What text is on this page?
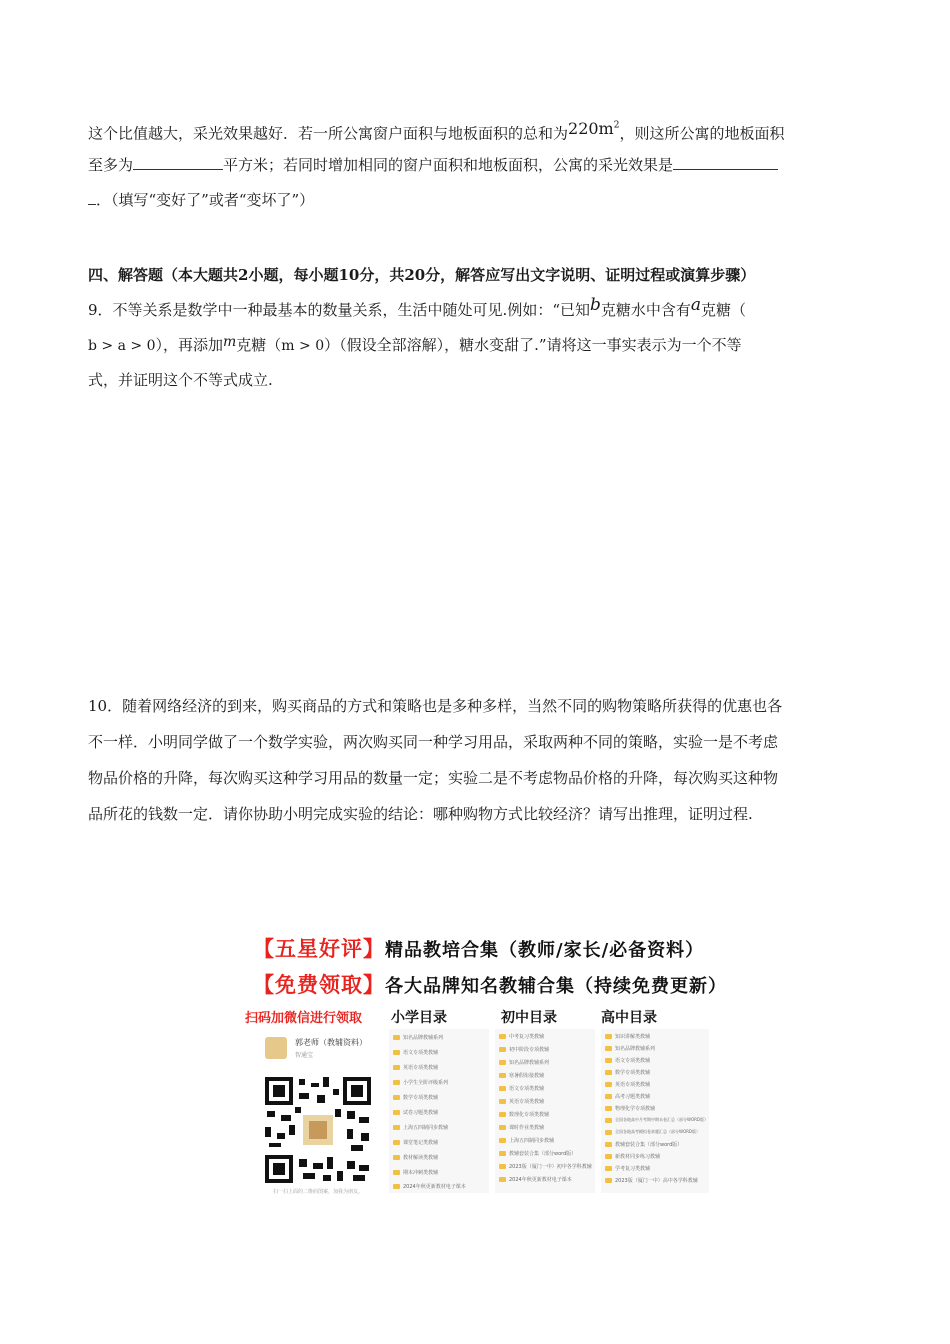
这个比值越大，采光效果越好．若一所公寓窗户面积与地板面积的总和为$220m^2$，则这所公寓的地板面积
至多为	平方米；若同时增加相同的窗户面积和地板面积，公寓的采光效果是
．（填写“变好了”或者“变坏了”）
四、解答题（本大题共2小题，每小题10分，共20分，解答应写出文字说明、证明过程或演算步骤）
9．不等关系是数学中一种最基本的数量关系，生活中随处可见.例如：“已知b克糖水中含有a克糖（
b > a > 0），再添加m克糖（m > 0）（假设全部溶解），糖水变甜了.”请将这一事实表示为一个不等
式，并证明这个不等式成立.
10．随着网络经济的到来，购买商品的方式和策略也是多种多样，当然不同的购物策略所获得的优惠也各
不一样．小明同学做了一个数学实验，两次购买同一种学习用品，采取两种不同的策略，实验一是不考虑
物品价格的升降，每次购买这种学习用品的数量一定；实验二是不考虑物品价格的升降，每次购买这种物
品所花的钱数一定．请你协助小明完成实验的结论：哪种购物方式比较经济？请写出推理，证明过程.
【五星好评】精品教培合集（教师/家长/必备资料）
【免费领取】各大品牌知名教辅合集（持续免费更新）
扫码加微信进行领取 小学目录	初中目录	高中目录
郭老师（教辅资料）
智通宝
扫一扫上面的二维码图案，加我为朋友。
知名品牌教辅系列
语文专项类教辅
英语专项类教辅
小学生全阶评级系列
数学专项类教辅
试卷习题类教辅
上海五四制同步教辅
课堂笔记类教辅
教材解读类教辅
期末冲刺类教辅
2024年秋更新教材电子课本
中考复习类教辅
初中阶段专项教辅
知名品牌教辅系列
寒暑假衔接教辅
语文专项类教辅
英语专项类教辅
数理化专项类教辅
课时作业类教辅
上海五四制同步教辅
教辅套装合集（部分word版）
2023版（厦门一中）初中各学科教辅
2024年秋更新教材电子课本
知识讲解类教辅
知名品牌教辅系列
语文专项类教辅
数学专项类教辅
英语专项类教辅
高考习题类教辅
物理化学专项教辅
全国各地高中月考期中期末卷汇总（部分WORD版）
全国各地高考模拟卷真题汇总（部分WORD版）
教辅套装合集（部分word版）
新教材同步练习教辅
学考复习类教辅
2023版（厦门一中）高中各学科教辅
